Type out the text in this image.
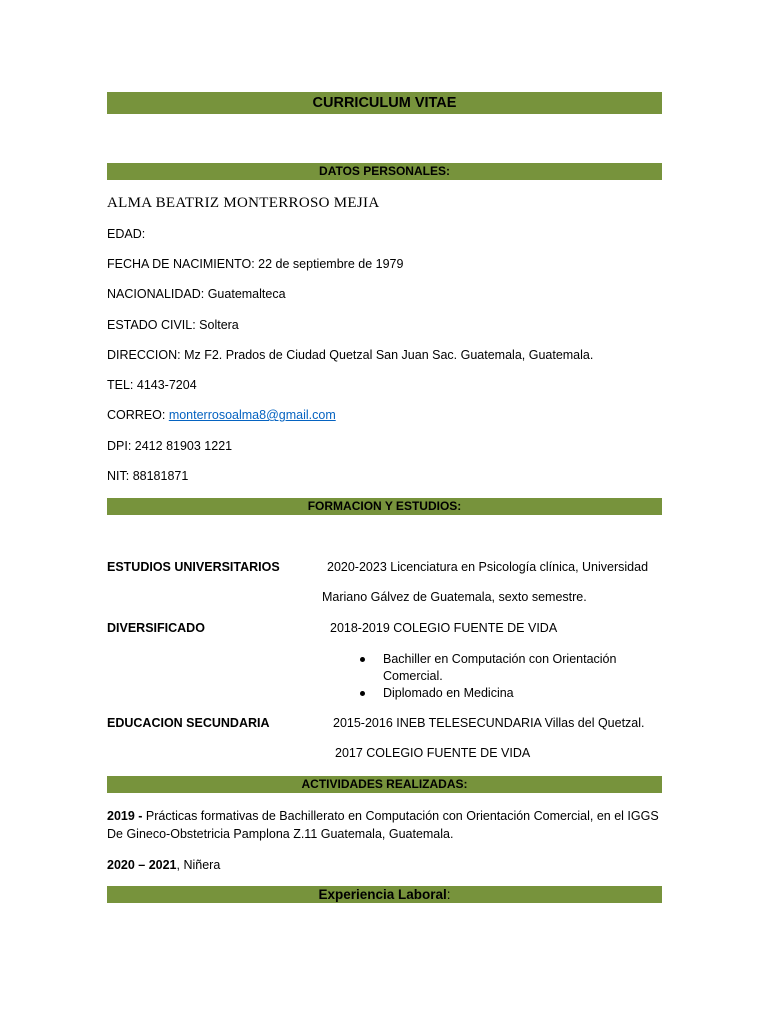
CURRICULUM VITAE
DATOS PERSONALES:
ALMA BEATRIZ MONTERROSO MEJIA
EDAD:
FECHA DE NACIMIENTO: 22 de septiembre de 1979
NACIONALIDAD: Guatemalteca
ESTADO CIVIL: Soltera
DIRECCION: Mz F2. Prados de Ciudad Quetzal San Juan Sac. Guatemala, Guatemala.
TEL: 4143-7204
CORREO: monterrosoalma8@gmail.com
DPI: 2412 81903 1221
NIT: 88181871
FORMACION Y ESTUDIOS:
ESTUDIOS UNIVERSITARIOS	2020-2023 Licenciatura en Psicología clínica, Universidad
Mariano Gálvez de Guatemala, sexto semestre.
DIVERSIFICADO	2018-2019 COLEGIO FUENTE DE VIDA
Bachiller en Computación con Orientación Comercial.
Diplomado en Medicina
EDUCACION SECUNDARIA	2015-2016 INEB TELESECUNDARIA Villas del Quetzal.
2017 COLEGIO FUENTE DE VIDA
ACTIVIDADES REALIZADAS:
2019 - Prácticas formativas de Bachillerato en Computación con Orientación Comercial, en el IGGS
De Gineco-Obstetricia Pamplona Z.11 Guatemala, Guatemala.
2020 – 2021, Niñera
Experiencia Laboral:
